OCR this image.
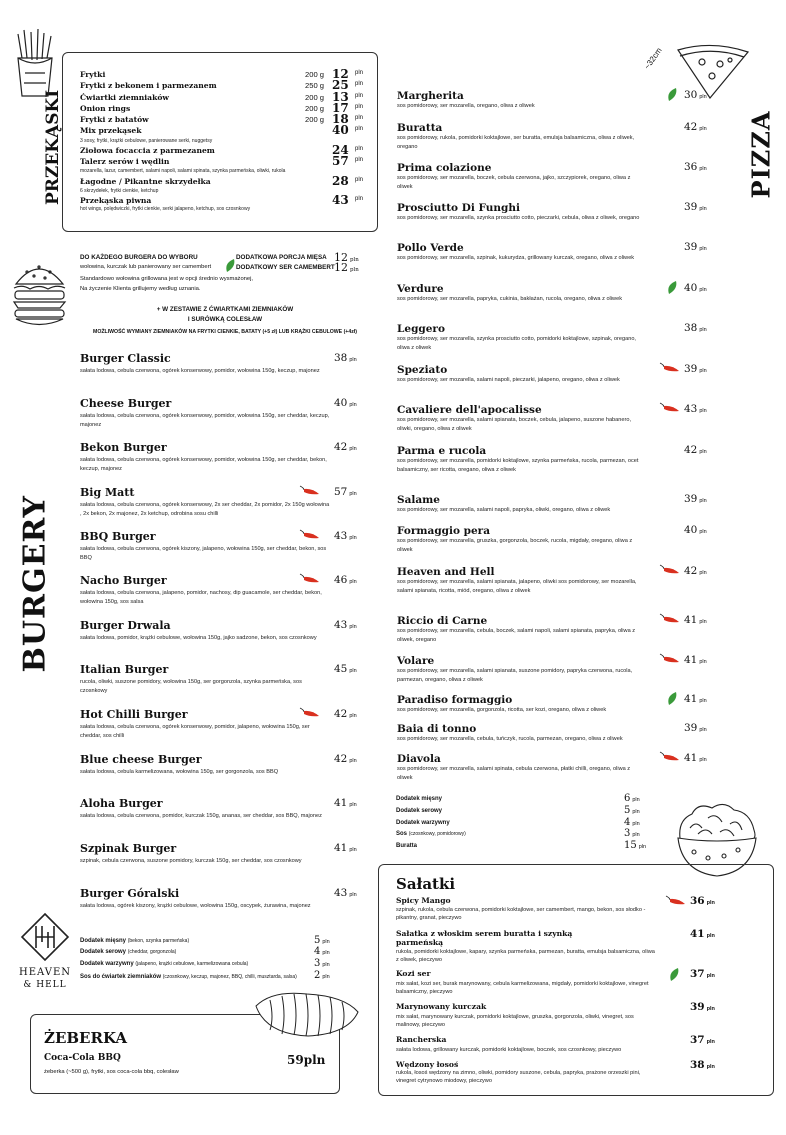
PRZEKĄSKI
DO KAŻDEGO BURGERA DO WYBORU
wołowina, kurczak lub panierowany ser camembert
DODATKOWA PORCJA MIĘSA
DODATKOWY SER CAMEMBERT
12 pln
12 pln
Standardowo wołowina grillowana jest w opcji średnio wysmażonej,
Na życzenie Klienta grillujemy według uznania.
+ W ZESTAWIE Z ĆWIARTKAMI ZIEMNIAKÓW
I SURÓWKĄ COLESŁAW
MOŻLIWOŚĆ WYMIANY ZIEMNIAKÓW NA FRYTKI CIENKIE, BATATY (+5 zł) LUB KRĄŻKI CEBULOWE (+4zł)
BURGERY
HEAVEN
& HELL
ŻEBERKA
Coca-Cola BBQ
żeberka (~500 g), frytki, sos coca-cola bbq, colesław
59pln
PIZZA
~32cm
Sałatki
Frytki	200 g 12 pln
Frytki z bekonem i parmezanem	250 g 25 pln
Ćwiartki ziemniaków	200 g 13 pln
Onion rings	200 g 17 pln
Frytki z batatów	200 g 18 pln
Mix przekąsek	40 pln
3 sosy, frytki, krążki cebulowe, panierowane serki, nuggetsy
Ziołowa focaccia z parmezanem	24 pln
Talerz serów i wędlin	57 pln
mozarella, lazur, camembert, salami napoli, salami spinata, szynka parmeńska, oliwki, rukola
Łagodne / Pikantne skrzydełka	28 pln
6 skrzydełek, frytki cienkie, ketchup
Przekąska piwna	43 pln
hot wings, polędwiczki, frytki cienkie, serki jalapeno, ketchup, sos czosnkowy
Burger Classic
sałata lodowa, cebula czerwona, ogórek konserwowy, pomidor, wołowina 150g, keczup, majonez
38 pln
Cheese Burger
sałata lodowa, cebula czerwona, ogórek konserwowy, pomidor, wołowina 150g, ser cheddar, keczup, majonez
40 pln
Bekon Burger
sałata lodowa, cebula czerwona, ogórek konserwowy, pomidor, wołowina 150g, ser cheddar, bekon, keczup, majonez
42 pln
Big Matt
sałata lodowa, cebula czerwona, ogórek konserwowy, 2x ser cheddar, 2x pomidor, 2x 150g wołowina , 2x bekon, 2x majonez, 2x ketchup, odrobina sosu chilli
57 pln
BBQ Burger
sałata lodowa, cebula czerwona, ogórek kiszony, jalapeno, wołowina 150g, ser cheddar, bekon, sos BBQ
43 pln
Nacho Burger
sałata lodowa, cebula czerwona, jalapeno, pomidor, nachosy, dip guacamole, ser cheddar, bekon, wołowina 150g, sos salsa
46 pln
Burger Drwala
sałata lodowa, pomidor, krążki cebulowe, wołowina 150g, jajko sadzone, bekon, sos czosnkowy
43 pln
Italian Burger
rucola, oliwki, suszone pomidory, wołowina 150g, ser gorgonzola, szynka parmeńska, sos czosnkowy
45 pln
Hot Chilli Burger
sałata lodowa, cebula czerwona, ogórek konserwowy, pomidor, jalapeno, wołowina 150g, ser cheddar, sos chilli
42 pln
Blue cheese Burger
sałata lodowa, cebula karmelizowana, wołowina 150g, ser gorgonzola, sos BBQ
42 pln
Aloha Burger
sałata lodowa, cebula czerwona, pomidor, kurczak 150g, ananas, ser cheddar, sos BBQ, majonez
41 pln
Szpinak Burger
szpinak, cebula czerwona, suszone pomidory, kurczak 150g, ser cheddar, sos czosnkowy
41 pln
Burger Góralski
sałata lodowa, ogórek kiszony, krążki cebulowe, wołowina 150g, oscypek, żurawina, majonez
43 pln
Dodatek mięsny (bekon, szynka parmeńska)	5 pln
Dodatek serowy (cheddar, gorgonzola)	4 pln
Dodatek warzywny (jalapeno, krążki cebulowe, karmelizowana cebula)	3 pln
Sos do ćwiartek ziemniaków (czosnkowy, keczup, majonez, BBQ, chilli, musztarda, salsa)	2 pln
Margherita
sos pomidorowy, ser mozarella, oregano, oliwa z oliwek
30 pln
Buratta
sos pomidorowy, rukola, pomidorki koktajlowe, ser buratta, emulsja balsamiczna, oliwa z oliwek, oregano
42 pln
Prima colazione
sos pomidorowy, ser mozarella, boczek, cebula czerwona, jajko, szczypiorek, oregano, oliwa z oliwek
36 pln
Prosciutto Di Funghi
sos pomidorowy, ser mozarella, szynka prosciutto cotto, pieczarki, cebula, oliwa z oliwek, oregano
39 pln
Pollo Verde
sos pomidorowy, ser mozarella, szpinak, kukurydza, grillowany kurczak, oregano, oliwa z oliwek
39 pln
Verdure
sos pomidorowy, ser mozarella, papryka, cukinia, bakłażan, rucola, oregano, oliwa z oliwek
40 pln
Leggero
sos pomidorowy, ser mozarella, szynka prosciutto cotto, pomidorki koktajlowe, szpinak, oregano, oliwa z oliwek
38 pln
Speziato
sos pomidorowy, ser mozarella, salami napoli, pieczarki, jalapeno, oregano, oliwa z oliwek
39 pln
Cavaliere dell'apocalisse
sos pomidorowy, ser mozarella, salami spianata, boczek, cebula, jalapeno, suszone habanero, oliwki, oregano, oliwa z oliwek
43 pln
Parma e rucola
sos pomidorowy, ser mozarella, pomidorki koktajlowe, szynka parmeńska, rucola, parmezan, ocet balsamiczny, ser ricotta, oregano, oliwa z oliwek
42 pln
Salame
sos pomidorowy, ser mozarella, salami napoli, papryka, oliwki, oregano, oliwa z oliwek
39 pln
Formaggio pera
sos pomidorowy, ser mozarella, gruszka, gorgonzola, boczek, rucola, migdały, oregano, oliwa z oliwek
40 pln
Heaven and Hell
sos pomidorowy, ser mozarella, salami spianata, jalapeno, oliwki sos pomidorowy, ser mozarella, salami spianata, ricotta, miód, oregano, oliwa z oliwek
42 pln
Riccio di Carne
sos pomidorowy, ser mozarella, cebula, boczek, salami napoli, salami spianata, papryka, oliwa z oliwek, oregano
41 pln
Volare
sos pomidorowy, ser mozarella, salami spianata, suszone pomidory, papryka czerwona, rucola, parmezan, oregano, oliwa z oliwek
41 pln
Paradiso formaggio
sos pomidorowy, ser mozarella, gorgonzola, ricotta, ser kozi, oregano, oliwa z oliwek
41 pln
Baia di tonno
sos pomidorowy, ser mozarella, cebula, tuńczyk, rucola, parmezan, oregano, oliwa z oliwek
39 pln
Diavola
sos pomidorowy, ser mozarella, salami spinata, cebula czerwona, płatki chilli, oregano, oliwa z oliwek
41 pln
Dodatek mięsny	6 pln
Dodatek serowy	5 pln
Dodatek warzywny	4 pln
Sos (czosnkowy, pomidorowy)	3 pln
Buratta	15 pln
Spicy Mango
szpinak, rukola, cebula czerwona, pomidorki koktajlowe, ser camembert, mango, bekon, sos słodko - pikantny, granat, pieczywo
36 pln
Sałatka z włoskim serem buratta i szynką parmeńską
rukola, pomidorki koktajlowe, kapary, szynka parmeńska, parmezan, buratta, emulsja balsamiczna, oliwa z oliwek, pieczywo
41 pln
Kozi ser
mix sałat, kozi ser, burak marynowany, cebula karmelizowana, migdały, pomidorki koktajlowe, vinegret balsamiczny, pieczywo
37 pln
Marynowany kurczak
mix sałat, marynowany kurczak, pomidorki koktajlowe, gruszka, gorgonzola, oliwki, vinegret, sos malinowy, pieczywo
39 pln
Rancherska
sałata lodowa, grillowany kurczak, pomidorki koktajlowe, boczek, sos czosnkowy, pieczywo
37 pln
Wędzony łosoś
rukola, łosoś wędzony na zimno, oliwki, pomidory suszone, cebula, papryka, prażone orzeszki pini, vinegret cytrynowo miodowy, pieczywo
38 pln
